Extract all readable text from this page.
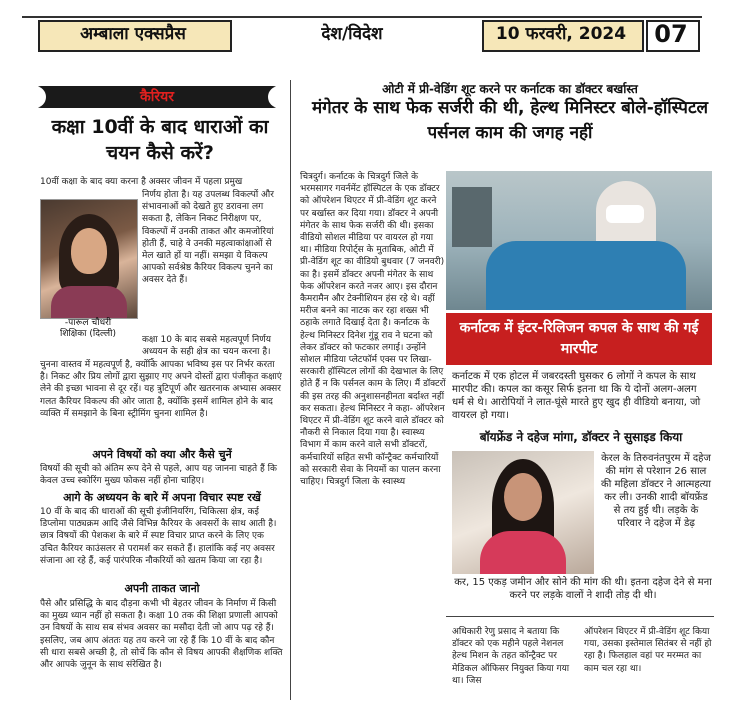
अम्बाला एक्सप्रैस	देश/विदेश	10 फरवरी, 2024	07
कैरियर
कक्षा 10वीं के बाद धाराओं का चयन कैसे करें?
10वीं कक्षा के बाद क्या करना है अक्सर जीवन में पहला प्रमुख
-पारूल चौधरी
शिक्षिका (दिल्ली)
निर्णय होता है। यह उपलब्ध विकल्पों और संभावनाओं को देखते हुए डरावना लग सकता है, लेकिन निकट निरीक्षण पर, विकल्पों में उनकी ताकत और कमजोरियां होती हैं, चाहे वे उनकी महत्वाकांक्षाओं से मेल खाते हों या नहीं। समझा ये विकल्प आपको सर्वश्रेष्ठ कैरियर विकल्प चुनने का अवसर देते हैं।
कक्षा 10 के बाद सबसे महत्वपूर्ण निर्णय अध्ययन के सही क्षेत्र का चयन करना है।
चुनना वास्तव में महत्वपूर्ण है, क्योंकि आपका भविष्य इस पर निर्भर करता है। निकट और प्रिय लोगों द्वारा सुझाए गए अपने दोस्तों द्वारा पंजीकृत कक्षाएं लेने की इच्छा भावना से दूर रहें। यह त्रुटिपूर्ण और खतरनाक अभ्यास अक्सर गलत कैरियर विकल्प की ओर जाता है, क्योंकि इसमें शामिल होने के बाद व्यक्ति में समझाने के बिना स्ट्रीमिंग चुनना शामिल है।
अपने विषयों को क्या और कैसे चुनें
विषयों की सूची को अंतिम रूप देने से पहले, आप यह जानना चाहते हैं कि केवल उच्च स्कोरिंग मुख्य फोकस नहीं होना चाहिए।
आगे के अध्ययन के बारे में अपना विचार स्पष्ट रखें
10 वीं के बाद की धाराओं की सूची इंजीनियरिंग, चिकित्सा क्षेत्र, कई डिप्लोमा पाठ्यक्रम आदि जैसे विभिन्न कैरियर के अवसरों के साथ आती है। छात्र विषयों की पेशकश के बारे में स्पष्ट विचार प्राप्त करने के लिए एक उचित कैरियर काउंसलर से परामर्श कर सकते हैं। हालांकि कई नए अवसर संजाना आ रहे हैं, कई पारंपरिक नौकरियों को खतम किया जा रहा है।
अपनी ताकत जानो
पैसे और प्रसिद्धि के बाद दौड़ना कभी भी बेहतर जीवन के निर्माण में किसी का मुख्य ध्यान नहीं हो सकता है। कक्षा 10 तक की शिक्षा प्रणाली आपको उन विषयों के साथ सब संभव अवसर का मसौदा देती जो आप पढ़ रहे हैं। इसलिए, जब आप अंततः यह तय करने जा रहे हैं कि 10 वीं के बाद कौन सी धारा सबसे अच्छी है, तो सोचें कि कौन से विषय आपकी शैक्षणिक शक्ति और आपके जुनून के साथ संरेखित है।
ओटी में प्री-वेडिंग शूट करने पर कर्नाटक का डॉक्टर बर्खास्त
मंगेतर के साथ फेक सर्जरी की थी, हेल्थ मिनिस्टर बोले-हॉस्पिटल पर्सनल काम की जगह नहीं
चित्रदुर्ग। कर्नाटक के चित्रदुर्ग जिले के भरमसागर गवर्नमेंट हॉस्पिटल के एक डॉक्टर को ऑपरेशन थिएटर में प्री-वेडिंग शूट करने पर बर्खास्त कर दिया गया। डॉक्टर ने अपनी मंगेतर के साथ फेक सर्जरी की थी। इसका वीडियो सोशल मीडिया पर वायरल हो गया था। मीडिया रिपोर्ट्स के मुताबिक, ओटी में प्री-वेडिंग शूट का वीडियो बुधवार (7 जनवरी) का है। इसमें डॉक्टर अपनी मंगेतर के साथ फेक ऑपरेशन करते नजर आए। इस दौरान कैमरामैन और टेक्नीशियन हंस रहे थे। वहीं मरीज बनने का नाटक कर रहा शख्स भी ठहाके लगाते दिखाई देता है। कर्नाटक के हेल्थ मिनिस्टर दिनेश गुंडू राव ने घटना को लेकर डॉक्टर को फटकार लगाई। उन्होंने सोशल मीडिया प्लेटफॉर्म एक्स पर लिखा- सरकारी हॉस्पिटल लोगों की देखभाल के लिए होते हैं न कि पर्सनल काम के लिए। मैं डॉक्टरों की इस तरह की अनुशासनहीनता बर्दाश्त नहीं कर सकता। हेल्थ मिनिस्टर ने कहा- ऑपरेशन थिएटर में प्री-वेडिंग शूट करने वाले डॉक्टर को नौकरी से निकाल दिया गया है। स्वास्थ्य विभाग में काम करने वाले सभी डॉक्टरों, कर्मचारियों सहित सभी कॉन्ट्रैक्ट कर्मचारियों को सरकारी सेवा के नियमों का पालन करना चाहिए। चित्रदुर्ग जिला के स्वास्थ्य
कर्नाटक में इंटर-रिलिजन कपल के साथ की गई मारपीट
कर्नाटक में एक होटल में जबरदस्ती घुसकर 6 लोगों ने कपल के साथ मारपीट की। कपल का कसूर सिर्फ इतना था कि ये दोनों अलग-अलग धर्म से थे। आरोपियों ने लात-घूंसे मारते हुए खुद ही वीडियो बनाया, जो वायरल हो गया।
बॉयफ्रेंड ने दहेज मांगा, डॉक्टर ने सुसाइड किया
केरल के तिरुवनंतपुरम में दहेज की मांग से परेशान 26 साल की महिला डॉक्टर ने आत्महत्या कर ली। उनकी शादी बॉयफ्रेंड से तय हुई थी। लड़के के परिवार ने दहेज में डेढ़
कर, 15 एकड़ जमीन और सोने की मांग की थी। इतना दहेज देने से मना करने पर लड़के वालों ने शादी तोड़ दी थी।
अधिकारी रेणु प्रसाद ने बताया कि डॉक्टर को एक महीने पहले नेशनल हेल्थ मिशन के तहत कॉन्ट्रैक्ट पर मेडिकल ऑफिसर नियुक्त किया गया था। जिस
ऑपरेशन थिएटर में प्री-वेडिंग शूट किया गया, उसका इस्तेमाल सितंबर से नहीं हो रहा है। फिलहाल वहां पर मरम्मत का काम चल रहा था।
